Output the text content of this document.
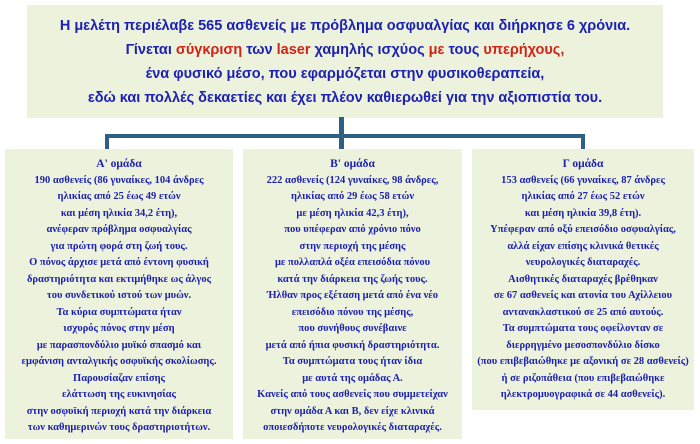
Η μελέτη περιέλαβε 565 ασθενείς με πρόβλημα οσφυαλγίας και διήρκησε 6 χρόνια.
Γίνεται σύγκριση των laser χαμηλής ισχύος με τους υπερήχους,
ένα φυσικό μέσο, που εφαρμόζεται στην φυσικοθεραπεία,
εδώ και πολλές δεκαετίες και έχει πλέον καθιερωθεί για την αξιοπιστία του.
Α' ομάδα
190 ασθενείς (86 γυναίκες, 104 άνδρες
ηλικίας από 25 έως 49 ετών
και μέση ηλικία 34,2 έτη),
ανέφεραν πρόβλημα οσφυαλγίας
για πρώτη φορά στη ζωή τους.
Ο πόνος άρχισε μετά από έντονη φυσική
δραστηριότητα και εκτιμήθηκε ως άλγος
του συνδετικού ιστού των μυών.
Τα κύρια συμπτώματα ήταν
ισχυρός πόνος στην μέση
με παρασπονδύλιο μυϊκό σπασμό και
εμφάνιση ανταλγικής οσφυϊκής σκολίωσης.
Παρουσίαζαν επίσης
ελάττωση της ευκινησίας
στην οσφυϊκή περιοχή κατά την διάρκεια
των καθημερινών τους δραστηριοτήτων.
Β' ομάδα
222 ασθενείς (124 γυναίκες, 98 άνδρες,
ηλικίας από 29 έως 58 ετών
με μέση ηλικία 42,3 έτη),
που υπέφεραν από χρόνιο πόνο
στην περιοχή της μέσης
με πολλαπλά οξέα επεισόδια πόνου
κατά την διάρκεια της ζωής τους.
Ήλθαν προς εξέταση μετά από ένα νέο
επεισόδιο πόνου της μέσης,
που συνήθους συνέβαινε
μετά από ήπια φυσική δραστηριότητα.
Τα συμπτώματα τους ήταν ίδια
με αυτά της ομάδας Α.
Κανείς από τους ασθενείς που συμμετείχαν
στην ομάδα Α και Β, δεν είχε κλινικά
οποιεσδήποτε νευρολογικές διαταραχές.
Γ ομάδα
153 ασθενείς (66 γυναίκες, 87 άνδρες
ηλικίας από 27 έως 52 ετών
και μέση ηλικία 39,8 έτη).
Υπέφεραν από οξύ επεισόδιο οσφυαλγίας,
αλλά είχαν επίσης κλινικά θετικές
νευρολογικές διαταραχές.
Αισθητικές διαταραχές βρέθηκαν
σε 67 ασθενείς και ατονία του Αχίλλειου
αντανακλαστικού σε 25 από αυτούς.
Τα συμπτώματα τους οφείλονταν σε
διερρηγμένο μεσοσπονδύλιο δίσκο
(που επιβεβαιώθηκε με αξονική σε 28 ασθενείς)
ή σε ριζοπάθεια (που επιβεβαιώθηκε
ηλεκτρομυογραφικά σε 44 ασθενείς).
